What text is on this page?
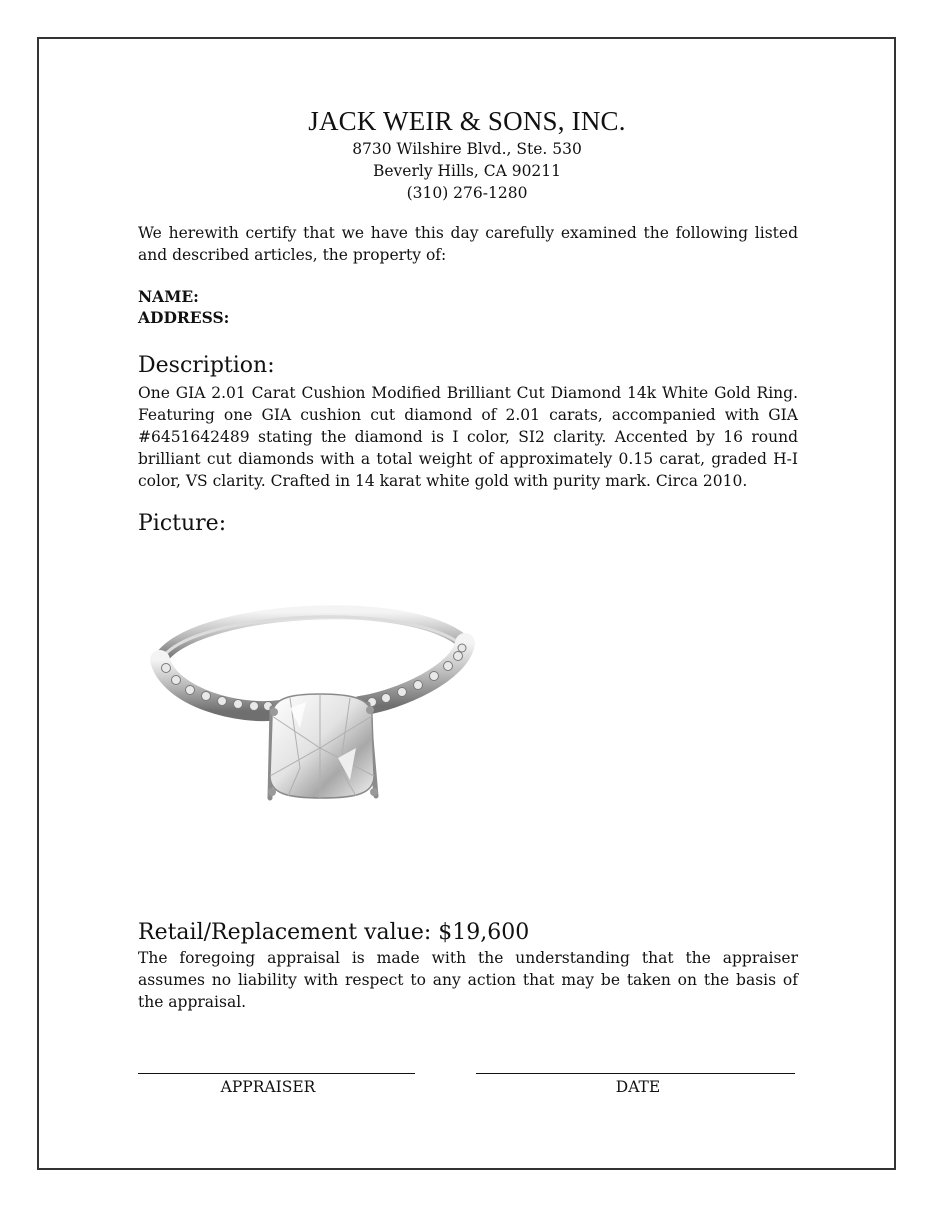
JACK WEIR & SONS, INC.
8730 Wilshire Blvd., Ste. 530
Beverly Hills, CA 90211
(310) 276-1280

We herewith certify that we have this day carefully examined the following listed and described articles, the property of:

NAME:
ADDRESS:
Description:

One GIA 2.01 Carat Cushion Modified Brilliant Cut Diamond 14k White Gold Ring. Featuring one GIA cushion cut diamond of 2.01 carats, accompanied with GIA #6451642489 stating the diamond is I color, SI2 clarity. Accented by 16 round brilliant cut diamonds with a total weight of approximately 0.15 carat, graded H-I color, VS clarity. Crafted in 14 karat white gold with purity mark. Circa 2010.

Picture:
Retail/Replacement value: $19,600

The foregoing appraisal is made with the understanding that the appraiser assumes no liability with respect to any action that may be taken on the basis of the appraisal.

APPRAISER	DATE
